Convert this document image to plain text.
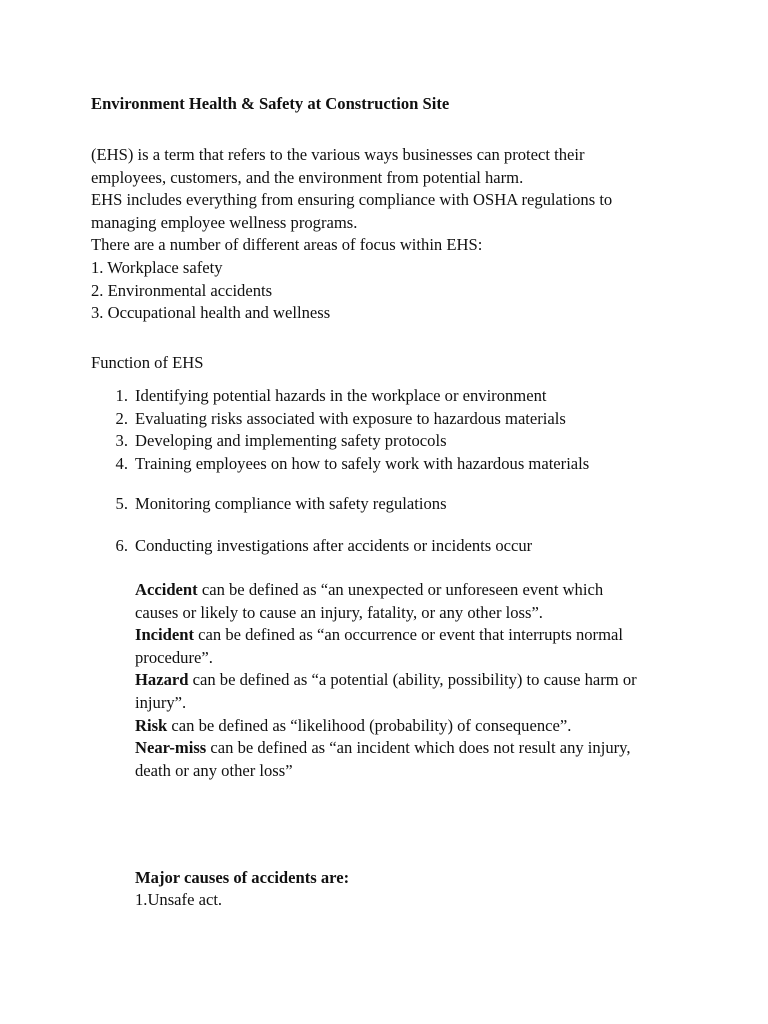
Environment Health & Safety at Construction Site
(EHS) is a term that refers to the various ways businesses can protect their
employees, customers, and the environment from potential harm.
EHS includes everything from ensuring compliance with OSHA regulations to
managing employee wellness programs.
There are a number of different areas of focus within EHS:
1. Workplace safety
2. Environmental accidents
3. Occupational health and wellness
Function of EHS
1. Identifying potential hazards in the workplace or environment
2. Evaluating risks associated with exposure to hazardous materials
3. Developing and implementing safety protocols
4. Training employees on how to safely work with hazardous materials
5. Monitoring compliance with safety regulations
6. Conducting investigations after accidents or incidents occur
Accident can be defined as “an unexpected or unforeseen event which
causes or likely to cause an injury, fatality, or any other loss”.
Incident can be defined as “an occurrence or event that interrupts normal
procedure”.
Hazard can be defined as “a potential (ability, possibility) to cause harm or
injury”.
Risk can be defined as “likelihood (probability) of consequence”.
Near-miss can be defined as “an incident which does not result any injury,
death or any other loss”
Major causes of accidents are:
1.Unsafe act.
